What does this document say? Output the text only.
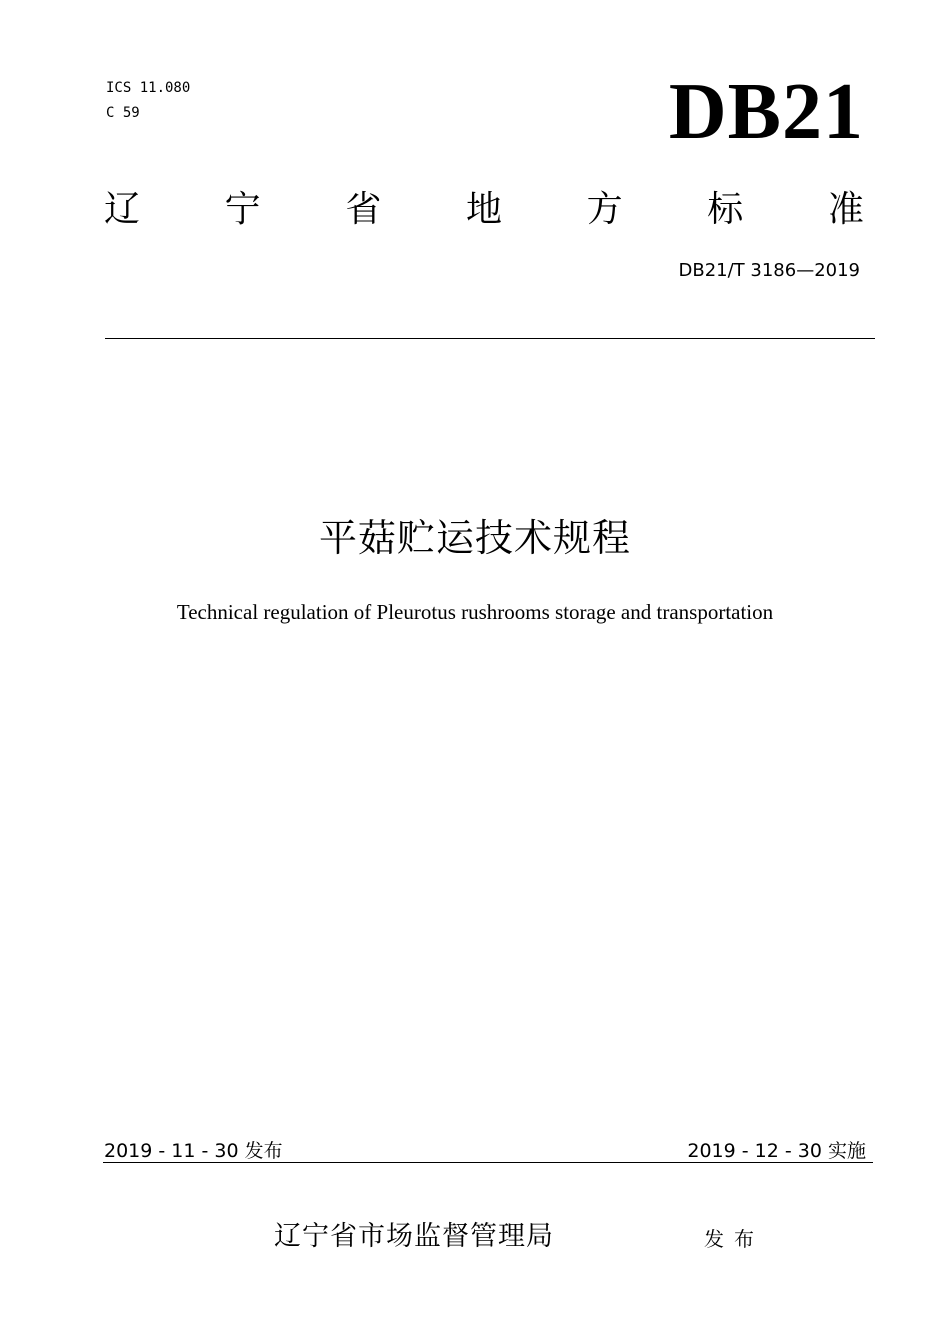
ICS 11.080
C 59	DB21
辽 宁 省 地 方 标 准
DB21/T 3186—2019
平菇贮运技术规程
Technical regulation of Pleurotus rushrooms storage and transportation
2019 - 11 - 30 发布	2019 - 12 - 30 实施
辽宁省市场监督管理局	发布
